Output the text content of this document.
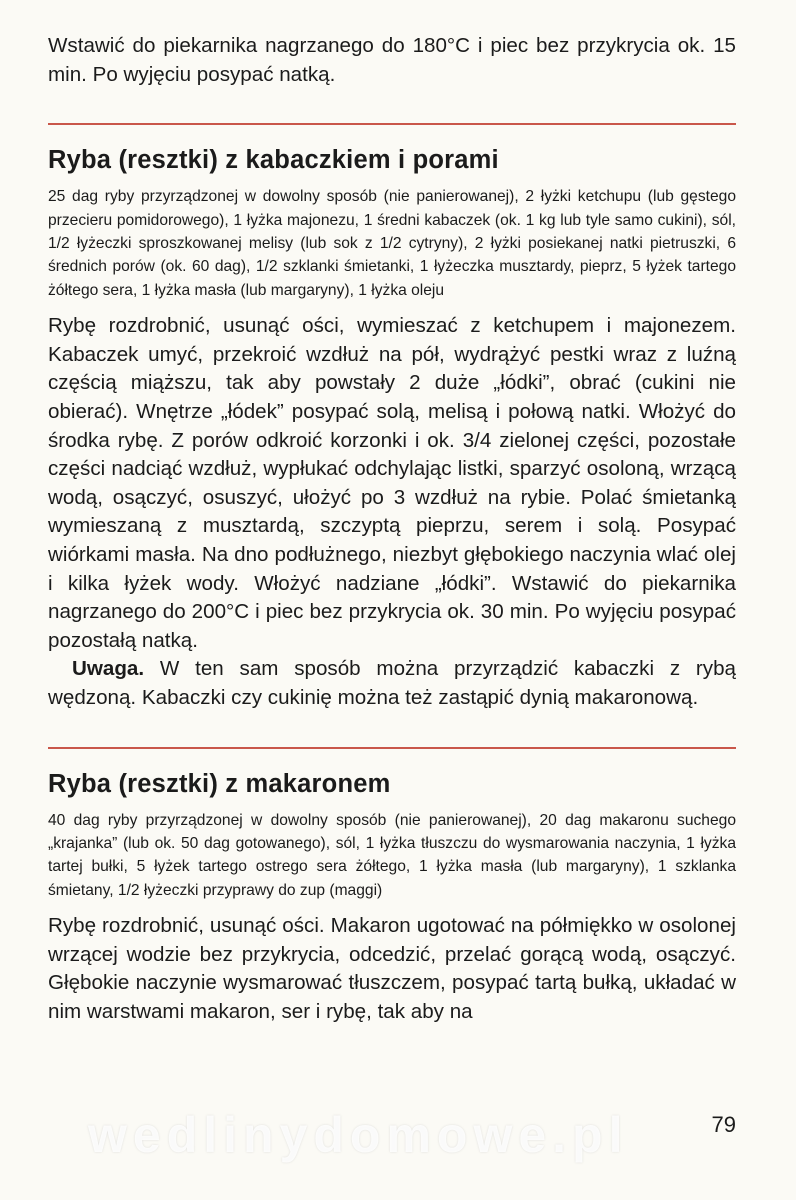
Wstawić do piekarnika nagrzanego do 180°C i piec bez przykrycia ok. 15 min. Po wyjęciu posypać natką.

Ryba (resztki) z kabaczkiem i porami

25 dag ryby przyrządzonej w dowolny sposób (nie panierowanej), 2 łyżki ketchupu (lub gęstego przecieru pomidorowego), 1 łyżka majonezu, 1 średni kabaczek (ok. 1 kg lub tyle samo cukini), sól, 1/2 łyżeczki sproszkowanej melisy (lub sok z 1/2 cytryny), 2 łyżki posiekanej natki pietruszki, 6 średnich porów (ok. 60 dag), 1/2 szklanki śmietanki, 1 łyżeczka musztardy, pieprz, 5 łyżek tartego żółtego sera, 1 łyżka masła (lub margaryny), 1 łyżka oleju

Rybę rozdrobnić, usunąć ości, wymieszać z ketchupem i majonezem. Kabaczek umyć, przekroić wzdłuż na pół, wydrążyć pestki wraz z luźną częścią miąższu, tak aby powstały 2 duże „łódki”, obrać (cukini nie obierać). Wnętrze „łódek” posypać solą, melisą i połową natki. Włożyć do środka rybę. Z porów odkroić korzonki i ok. 3/4 zielonej części, pozostałe części nadciąć wzdłuż, wypłukać odchylając listki, sparzyć osoloną, wrzącą wodą, osączyć, osuszyć, ułożyć po 3 wzdłuż na rybie. Polać śmietanką wymieszaną z musztardą, szczyptą pieprzu, serem i solą. Posypać wiórkami masła. Na dno podłużnego, niezbyt głębokiego naczynia wlać olej i kilka łyżek wody. Włożyć nadziane „łódki”. Wstawić do piekarnika nagrzanego do 200°C i piec bez przykrycia ok. 30 min. Po wyjęciu posypać pozostałą natką.

Uwaga. W ten sam sposób można przyrządzić kabaczki z rybą wędzoną. Kabaczki czy cukinię można też zastąpić dynią makaronową.

Ryba (resztki) z makaronem

40 dag ryby przyrządzonej w dowolny sposób (nie panierowanej), 20 dag makaronu suchego „krajanka” (lub ok. 50 dag gotowanego), sól, 1 łyżka tłuszczu do wysmarowania naczynia, 1 łyżka tartej bułki, 5 łyżek tartego ostrego sera żółtego, 1 łyżka masła (lub margaryny), 1 szklanka śmietany, 1/2 łyżeczki przyprawy do zup (maggi)

Rybę rozdrobnić, usunąć ości. Makaron ugotować na półmiękko w osolonej wrzącej wodzie bez przykrycia, odcedzić, przelać gorącą wodą, osączyć. Głębokie naczynie wysmarować tłuszczem, posypać tartą bułką, układać w nim warstwami makaron, ser i rybę, tak aby na

wedlinydomowe.pl	79
